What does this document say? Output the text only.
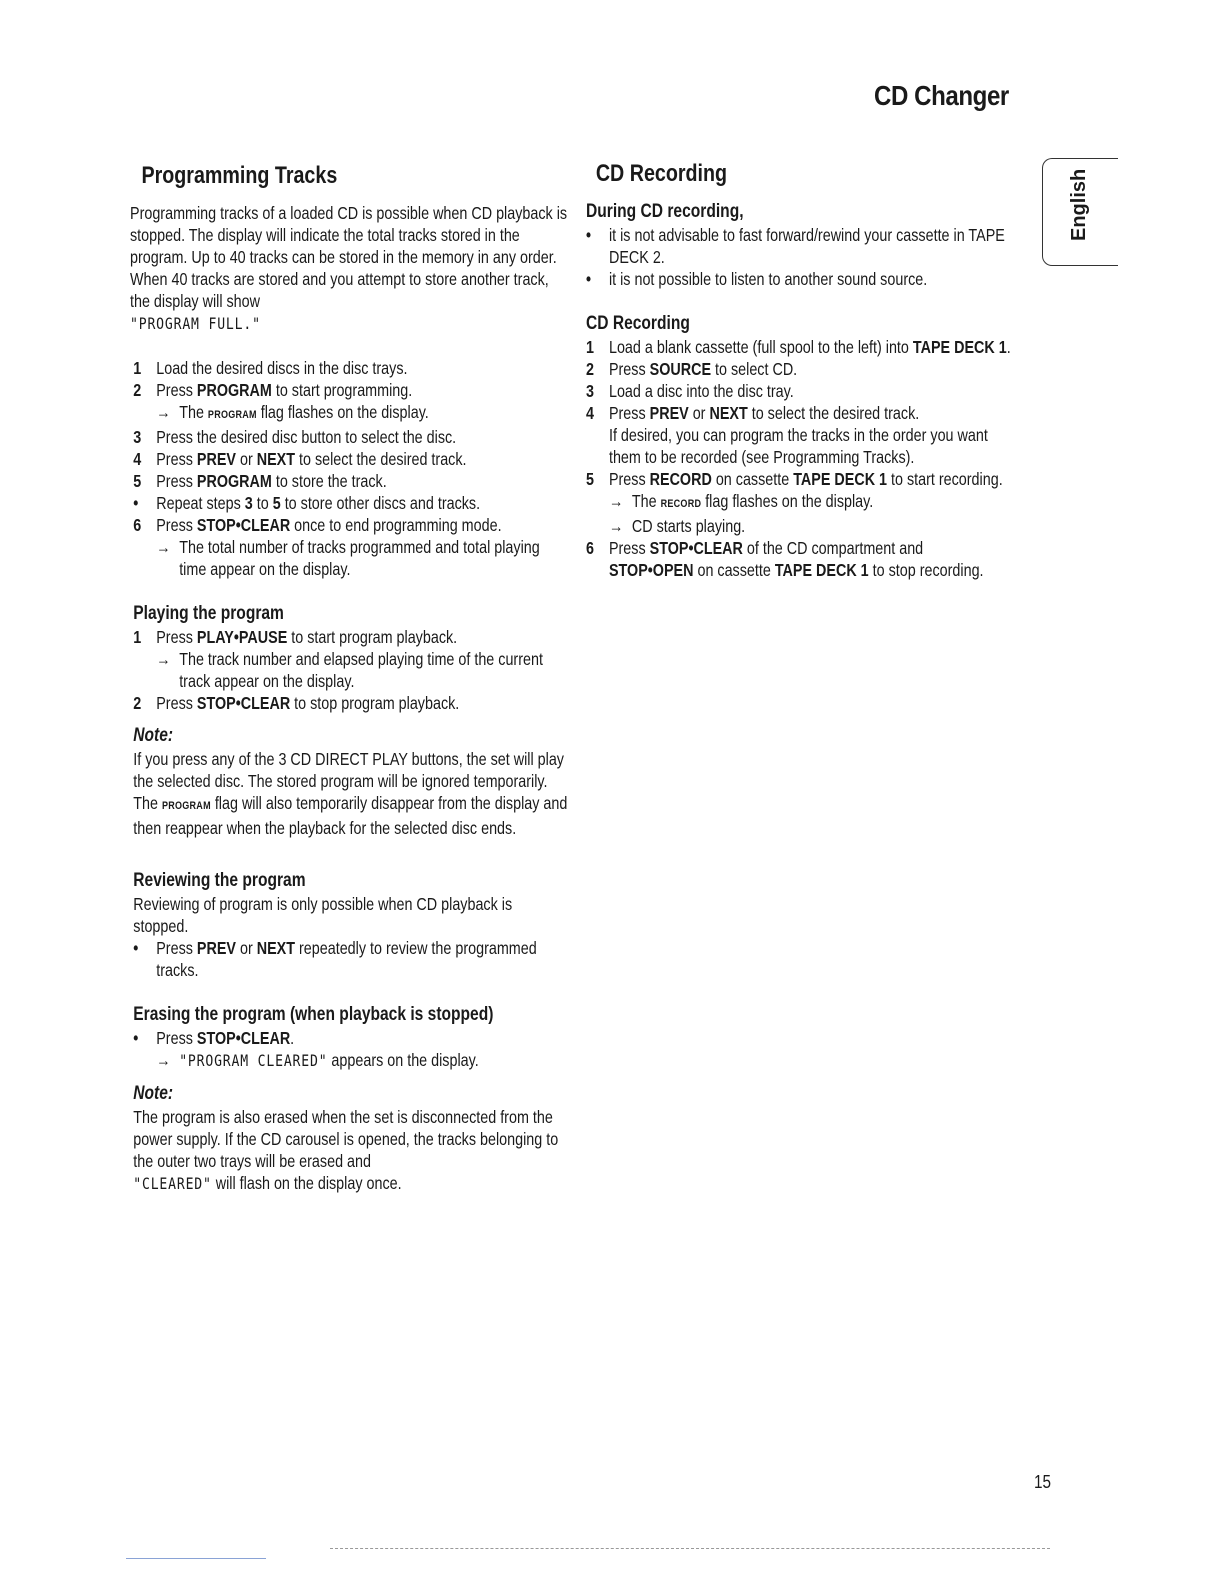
CD Changer
English
Programming Tracks

Programming tracks of a loaded CD is possible when CD playback is stopped. The display will indicate the total tracks stored in the program. Up to 40 tracks can be stored in the memory in any order. When 40 tracks are stored and you attempt to store another track, the display will show
"PROGRAM FULL."

1 Load the desired discs in the disc trays.
2 Press PROGRAM to start programming.
→ The PROGRAM flag flashes on the display.
3 Press the desired disc button to select the disc.
4 Press PREV or NEXT to select the desired track.
5 Press PROGRAM to store the track.
•	Repeat steps 3 to 5 to store other discs and tracks.
6 Press STOP•CLEAR once to end programming mode.
→ The total number of tracks programmed and total playing time appear on the display.
Playing the program
1 Press PLAY•PAUSE to start program playback.
→ The track number and elapsed playing time of the current track appear on the display.
2 Press STOP•CLEAR to stop program playback.
Note:

If you press any of the 3 CD DIRECT PLAY buttons, the set will play the selected disc. The stored program will be ignored temporarily. The PROGRAM flag will also temporarily disappear from the display and then reappear when the playback for the selected disc ends.

Reviewing the program

Reviewing of program is only possible when CD playback is stopped.

•	Press PREV or NEXT repeatedly to review the programmed tracks.
Erasing the program (when playback is stopped)
•	Press STOP•CLEAR.
→ "PROGRAM CLEARED" appears on the display.
Note:

The program is also erased when the set is disconnected from the power supply. If the CD carousel is opened, the tracks belonging to the outer two trays will be erased and
"CLEARED" will flash on the display once.

CD Recording
During CD recording,
•	it is not advisable to fast forward/rewind your cassette in TAPE DECK 2.
•	it is not possible to listen to another sound source.
CD Recording
1 Load a blank cassette (full spool to the left) into TAPE DECK 1.
2 Press SOURCE to select CD.
3 Load a disc into the disc tray.
4 Press PREV or NEXT to select the desired track.
If desired, you can program the tracks in the order you want them to be recorded (see Programming Tracks).
5 Press RECORD on cassette TAPE DECK 1 to start recording.
→ The RECORD flag flashes on the display.
→ CD starts playing.
6 Press STOP•CLEAR of the CD compartment and
STOP•OPEN on cassette TAPE DECK 1 to stop recording.
15
